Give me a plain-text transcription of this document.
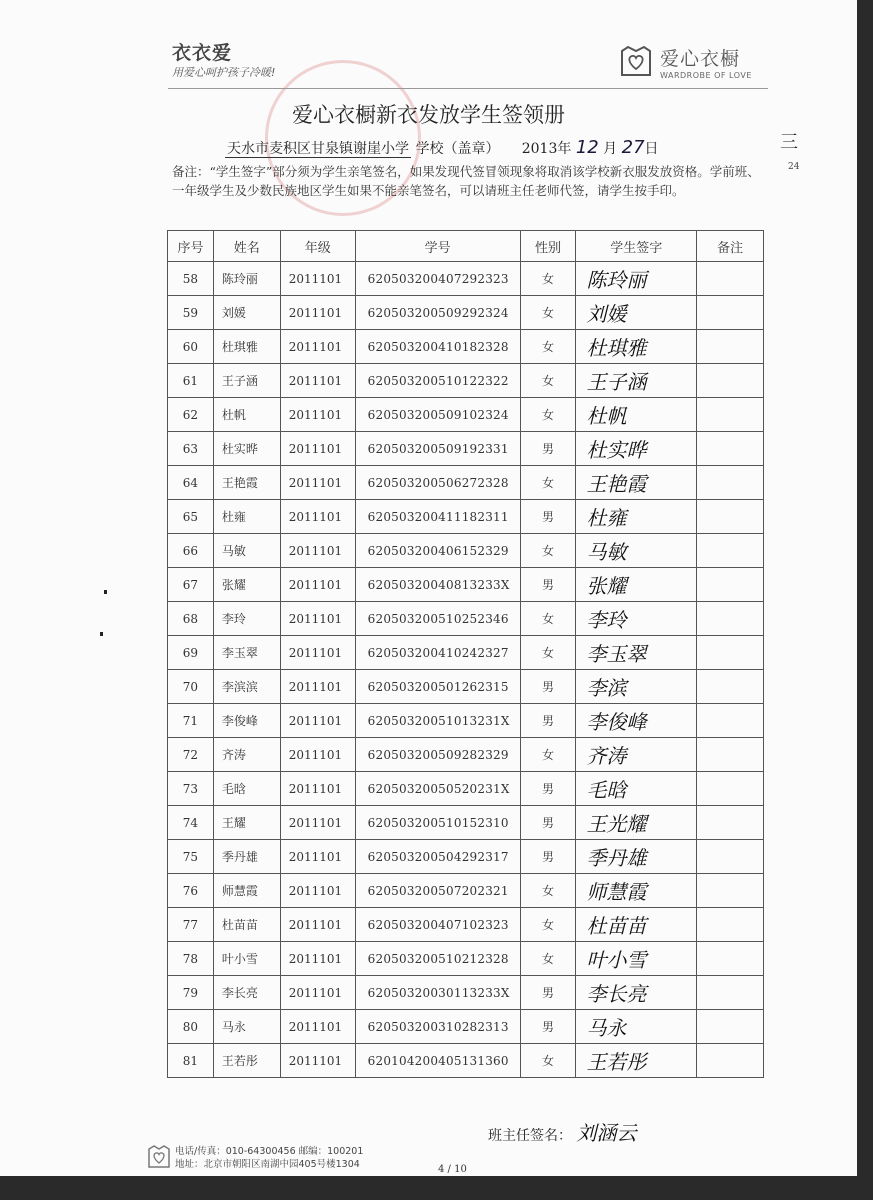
衣衣爱
用爱心呵护孩子冷暖!
爱心衣橱
WARDROBE OF LOVE
爱心衣橱新衣发放学生签领册
天水市麦积区甘泉镇谢崖小学 学校（盖章） 2013年 12 月 27日	三
24
备注：“学生签字”部分须为学生亲笔签名，如果发现代签冒领现象将取消该学校新衣服发放资格。学前班、一年级学生及少数民族地区学生如果不能亲笔签名，可以请班主任老师代签，请学生按手印。
序号	姓名	年级	学号	性别	学生签字	备注
58	陈玲丽	2011101	620503200407292323	女	陈玲丽	
59	刘媛	2011101	620503200509292324	女	刘媛	
60	杜琪雅	2011101	620503200410182328	女	杜琪雅	
61	王子涵	2011101	620503200510122322	女	王子涵	
62	杜帆	2011101	620503200509102324	女	杜帆	
63	杜实晔	2011101	620503200509192331	男	杜实晔	
64	王艳霞	2011101	620503200506272328	女	王艳霞	
65	杜雍	2011101	620503200411182311	男	杜雍	
66	马敏	2011101	620503200406152329	女	马敏	
67	张耀	2011101	62050320040813233X	男	张耀	
68	李玲	2011101	620503200510252346	女	李玲	
69	李玉翠	2011101	620503200410242327	女	李玉翠	
70	李滨滨	2011101	620503200501262315	男	李滨	
71	李俊峰	2011101	62050320051013231X	男	李俊峰	
72	齐涛	2011101	620503200509282329	女	齐涛	
73	毛晗	2011101	62050320050520231X	男	毛晗	
74	王耀	2011101	620503200510152310	男	王光耀	
75	季丹雄	2011101	620503200504292317	男	季丹雄	
76	师慧霞	2011101	620503200507202321	女	师慧霞	
77	杜苗苗	2011101	620503200407102323	女	杜苗苗	
78	叶小雪	2011101	620503200510212328	女	叶小雪	
79	李长亮	2011101	62050320030113233X	男	李长亮	
80	马永	2011101	620503200310282313	男	马永	
81	王若彤	2011101	620104200405131360	女	王若彤	
班主任签名： 刘涵云
电话/传真：010-64300456 邮编：100201
地址：北京市朝阳区南湖中园405号楼1304	4 / 10
